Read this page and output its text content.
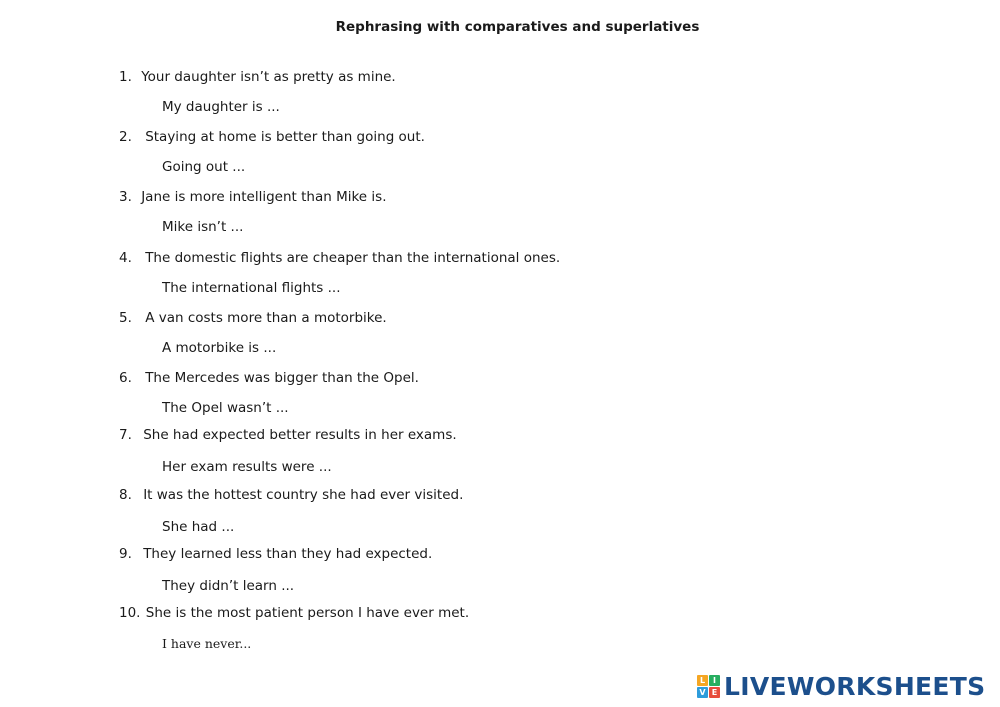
Rephrasing with comparatives and superlatives
1. Your daughter isn’t as pretty as mine.
My daughter is ...
2. Staying at home is better than going out.
Going out ...
3. Jane is more intelligent than Mike is.
Mike isn’t ...
4. The domestic flights are cheaper than the international ones.
The international flights ...
5. A van costs more than a motorbike.
A motorbike is ...
6. The Mercedes was bigger than the Opel.
The Opel wasn’t ...
7. She had expected better results in her exams.
Her exam results were ...
8. It was the hottest country she had ever visited.
She had ...
9. They learned less than they had expected.
They didn’t learn ...
10. She is the most patient person I have ever met.
I have never...
L I
V E LIVEWORKSHEETS
